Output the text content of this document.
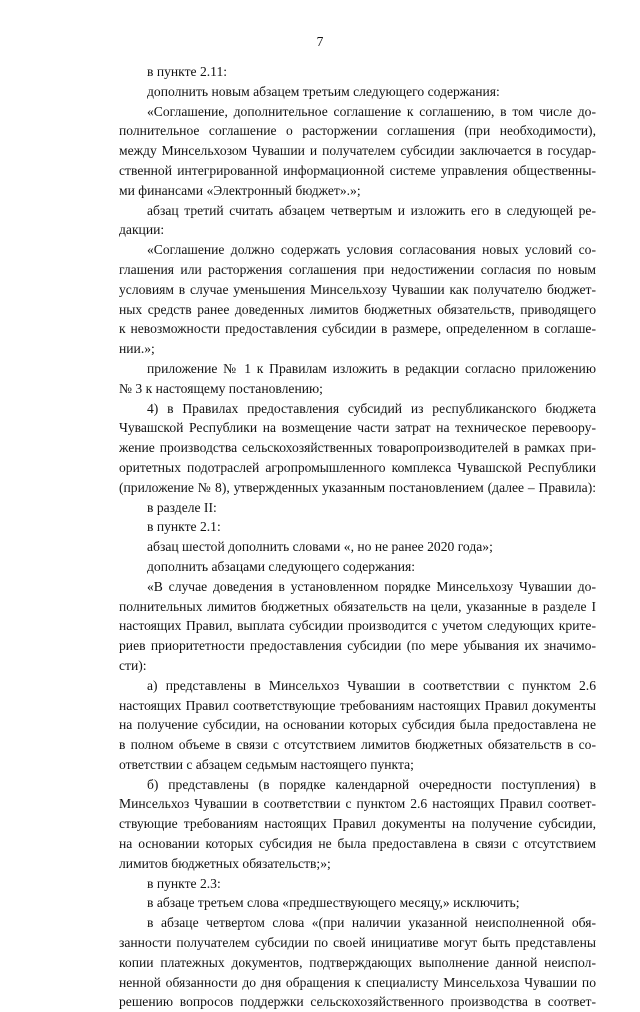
7
в пункте 2.11:
дополнить новым абзацем третьим следующего содержания:
«Соглашение, дополнительное соглашение к соглашению, в том числе до-
полнительное соглашение о расторжении соглашения (при необходимости),
между Минсельхозом Чувашии и получателем субсидии заключается в государ-
ственной интегрированной информационной системе управления общественны-
ми финансами «Электронный бюджет».»;
абзац третий считать абзацем четвертым и изложить его в следующей ре-
дакции:
«Соглашение должно содержать условия согласования новых условий со-
глашения или расторжения соглашения при недостижении согласия по новым
условиям в случае уменьшения Минсельхозу Чувашии как получателю бюджет-
ных средств ранее доведенных лимитов бюджетных обязательств, приводящего
к невозможности предоставления субсидии в размере, определенном в соглаше-
нии.»;
приложение № 1 к Правилам изложить в редакции согласно приложению
№ 3 к настоящему постановлению;
4) в Правилах предоставления субсидий из республиканского бюджета
Чувашской Республики на возмещение части затрат на техническое перевоору-
жение производства сельскохозяйственных товаропроизводителей в рамках при-
оритетных подотраслей агропромышленного комплекса Чувашской Республики
(приложение № 8), утвержденных указанным постановлением (далее – Правила):
в разделе II:
в пункте 2.1:
абзац шестой дополнить словами «, но не ранее 2020 года»;
дополнить абзацами следующего содержания:
«В случае доведения в установленном порядке Минсельхозу Чувашии до-
полнительных лимитов бюджетных обязательств на цели, указанные в разделе I
настоящих Правил, выплата субсидии производится с учетом следующих крите-
риев приоритетности предоставления субсидии (по мере убывания их значимо-
сти):
а) представлены в Минсельхоз Чувашии в соответствии с пунктом 2.6
настоящих Правил соответствующие требованиям настоящих Правил документы
на получение субсидии, на основании которых субсидия была предоставлена не
в полном объеме в связи с отсутствием лимитов бюджетных обязательств в со-
ответствии с абзацем седьмым настоящего пункта;
б) представлены (в порядке календарной очередности поступления) в
Минсельхоз Чувашии в соответствии с пунктом 2.6 настоящих Правил соответ-
ствующие требованиям настоящих Правил документы на получение субсидии,
на основании которых субсидия не была предоставлена в связи с отсутствием
лимитов бюджетных обязательств;»;
в пункте 2.3:
в абзаце третьем слова «предшествующего месяцу,» исключить;
в абзаце четвертом слова «(при наличии указанной неисполненной обя-
занности получателем субсидии по своей инициативе могут быть представлены
копии платежных документов, подтверждающих выполнение данной неиспол-
ненной обязанности до дня обращения к специалисту Минсельхоза Чувашии по
решению вопросов поддержки сельскохозяйственного производства в соответ-
